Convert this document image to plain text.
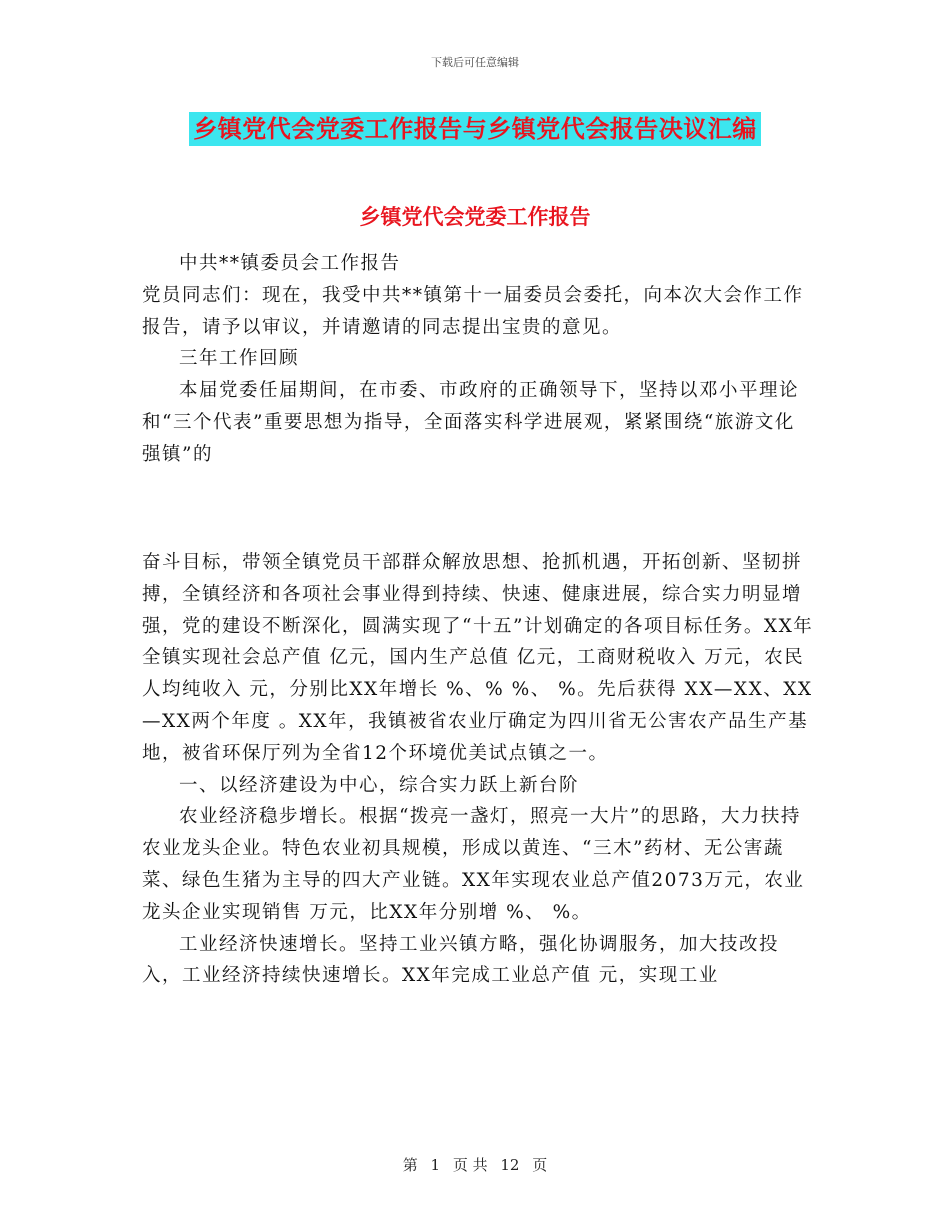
下载后可任意编辑
乡镇党代会党委工作报告与乡镇党代会报告决议汇编
乡镇党代会党委工作报告

中共**镇委员会工作报告

党员同志们：现在，我受中共**镇第十一届委员会委托，向本次大会作工作报告，请予以审议，并请邀请的同志提出宝贵的意见。

三年工作回顾

本届党委任届期间，在市委、市政府的正确领导下，坚持以邓小平理论和“三个代表”重要思想为指导，全面落实科学进展观，紧紧围绕“旅游文化强镇”的

奋斗目标，带领全镇党员干部群众解放思想、抢抓机遇，开拓创新、坚韧拼搏，全镇经济和各项社会事业得到持续、快速、健康进展，综合实力明显增强，党的建设不断深化，圆满实现了“十五”计划确定的各项目标任务。XX年全镇实现社会总产值 亿元，国内生产总值 亿元，工商财税收入 万元，农民人均纯收入 元，分别比XX年增长 %、% %、 %。先后获得 XX—XX、XX—XX两个年度 。XX年，我镇被省农业厅确定为四川省无公害农产品生产基地，被省环保厅列为全省12个环境优美试点镇之一。

一、以经济建设为中心，综合实力跃上新台阶

农业经济稳步增长。根据“拨亮一盏灯，照亮一大片”的思路，大力扶持农业龙头企业。特色农业初具规模，形成以黄连、“三木”药材、无公害蔬菜、绿色生猪为主导的四大产业链。XX年实现农业总产值2073万元，农业龙头企业实现销售 万元，比XX年分别增 %、 %。

工业经济快速增长。坚持工业兴镇方略，强化协调服务，加大技改投入，工业经济持续快速增长。XX年完成工业总产值 元，实现工业

第 1 页 共 12 页
